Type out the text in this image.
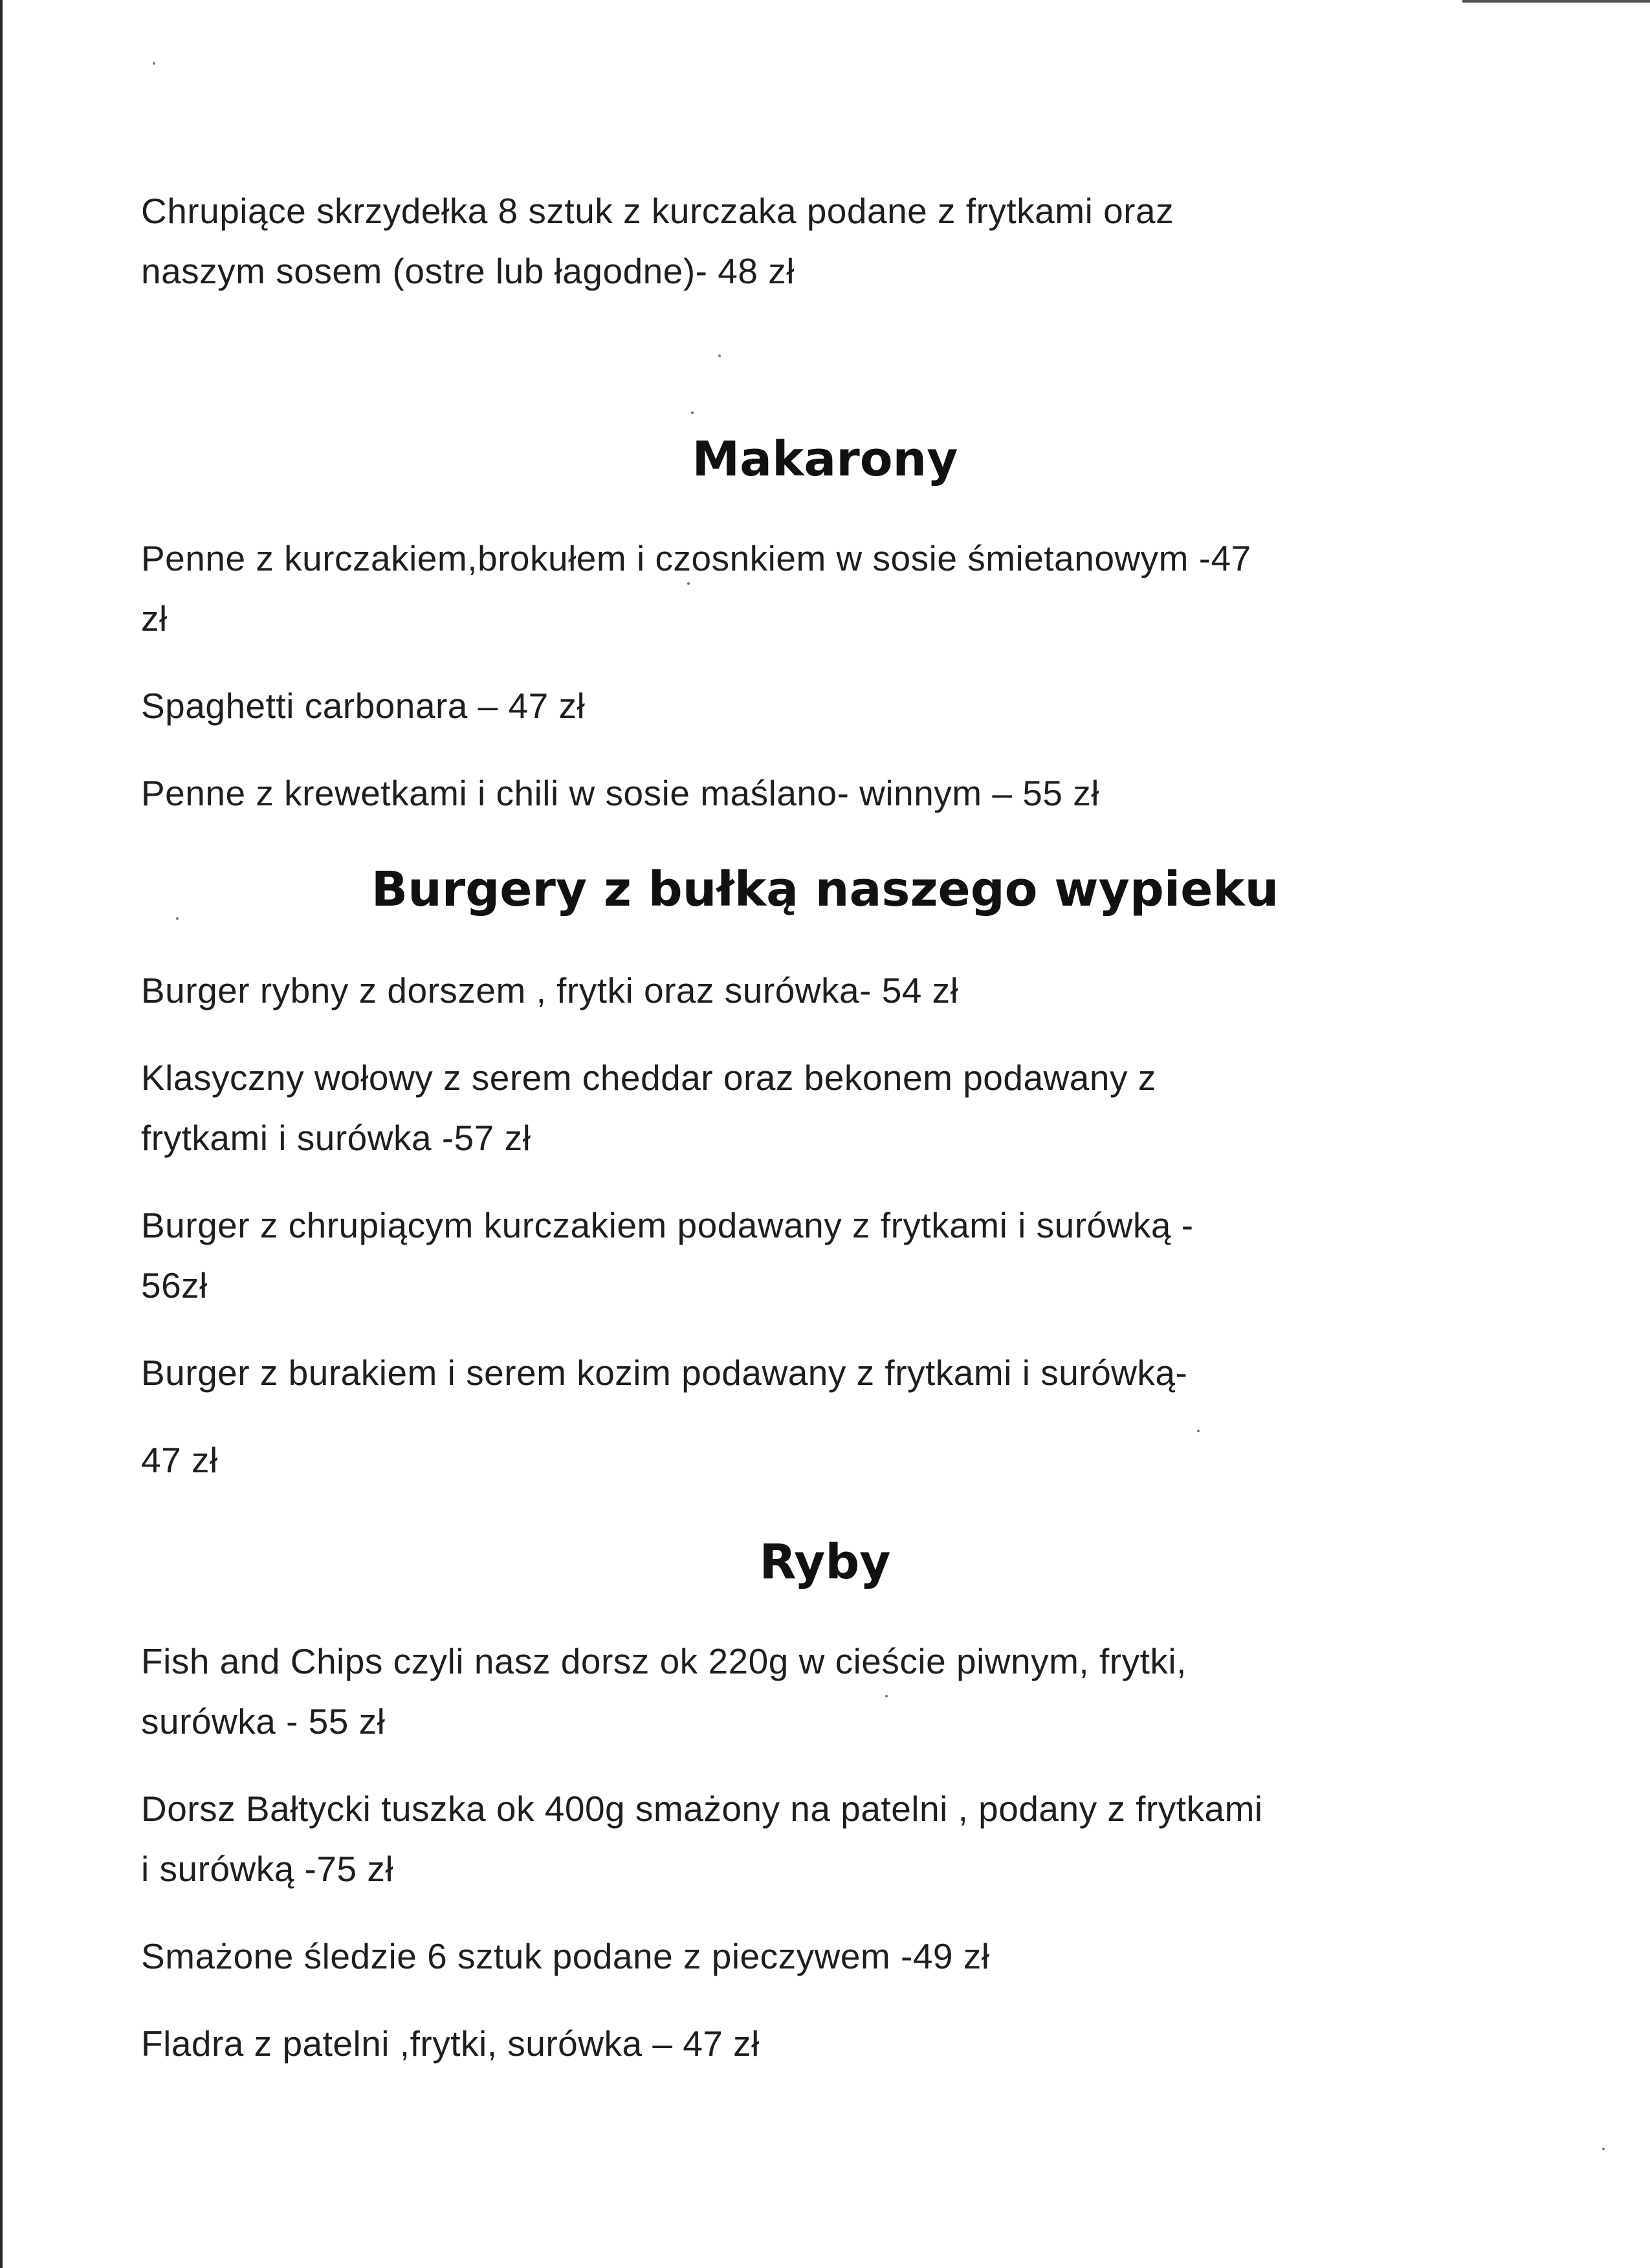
Chrupiące skrzydełka 8 sztuk z kurczaka podane z frytkami oraz

naszym sosem (ostre lub łagodne)- 48 zł

Makarony

Penne z kurczakiem,brokułem i czosnkiem w sosie śmietanowym -47

zł

Spaghetti carbonara – 47 zł

Penne z krewetkami i chili w sosie maślano- winnym – 55 zł

Burgery z bułką naszego wypieku

Burger rybny z dorszem , frytki oraz surówka- 54 zł

Klasyczny wołowy z serem cheddar oraz bekonem podawany z

frytkami i surówka -57 zł

Burger z chrupiącym kurczakiem podawany z frytkami i surówką -

56zł

Burger z burakiem i serem kozim podawany z frytkami i surówką-

47 zł

Ryby

Fish and Chips czyli nasz dorsz ok 220g w cieście piwnym, frytki,

surówka - 55 zł

Dorsz Bałtycki tuszka ok 400g smażony na patelni , podany z frytkami

i surówką -75 zł

Smażone śledzie 6 sztuk podane z pieczywem -49 zł

Fladra z patelni ,frytki, surówka – 47 zł
